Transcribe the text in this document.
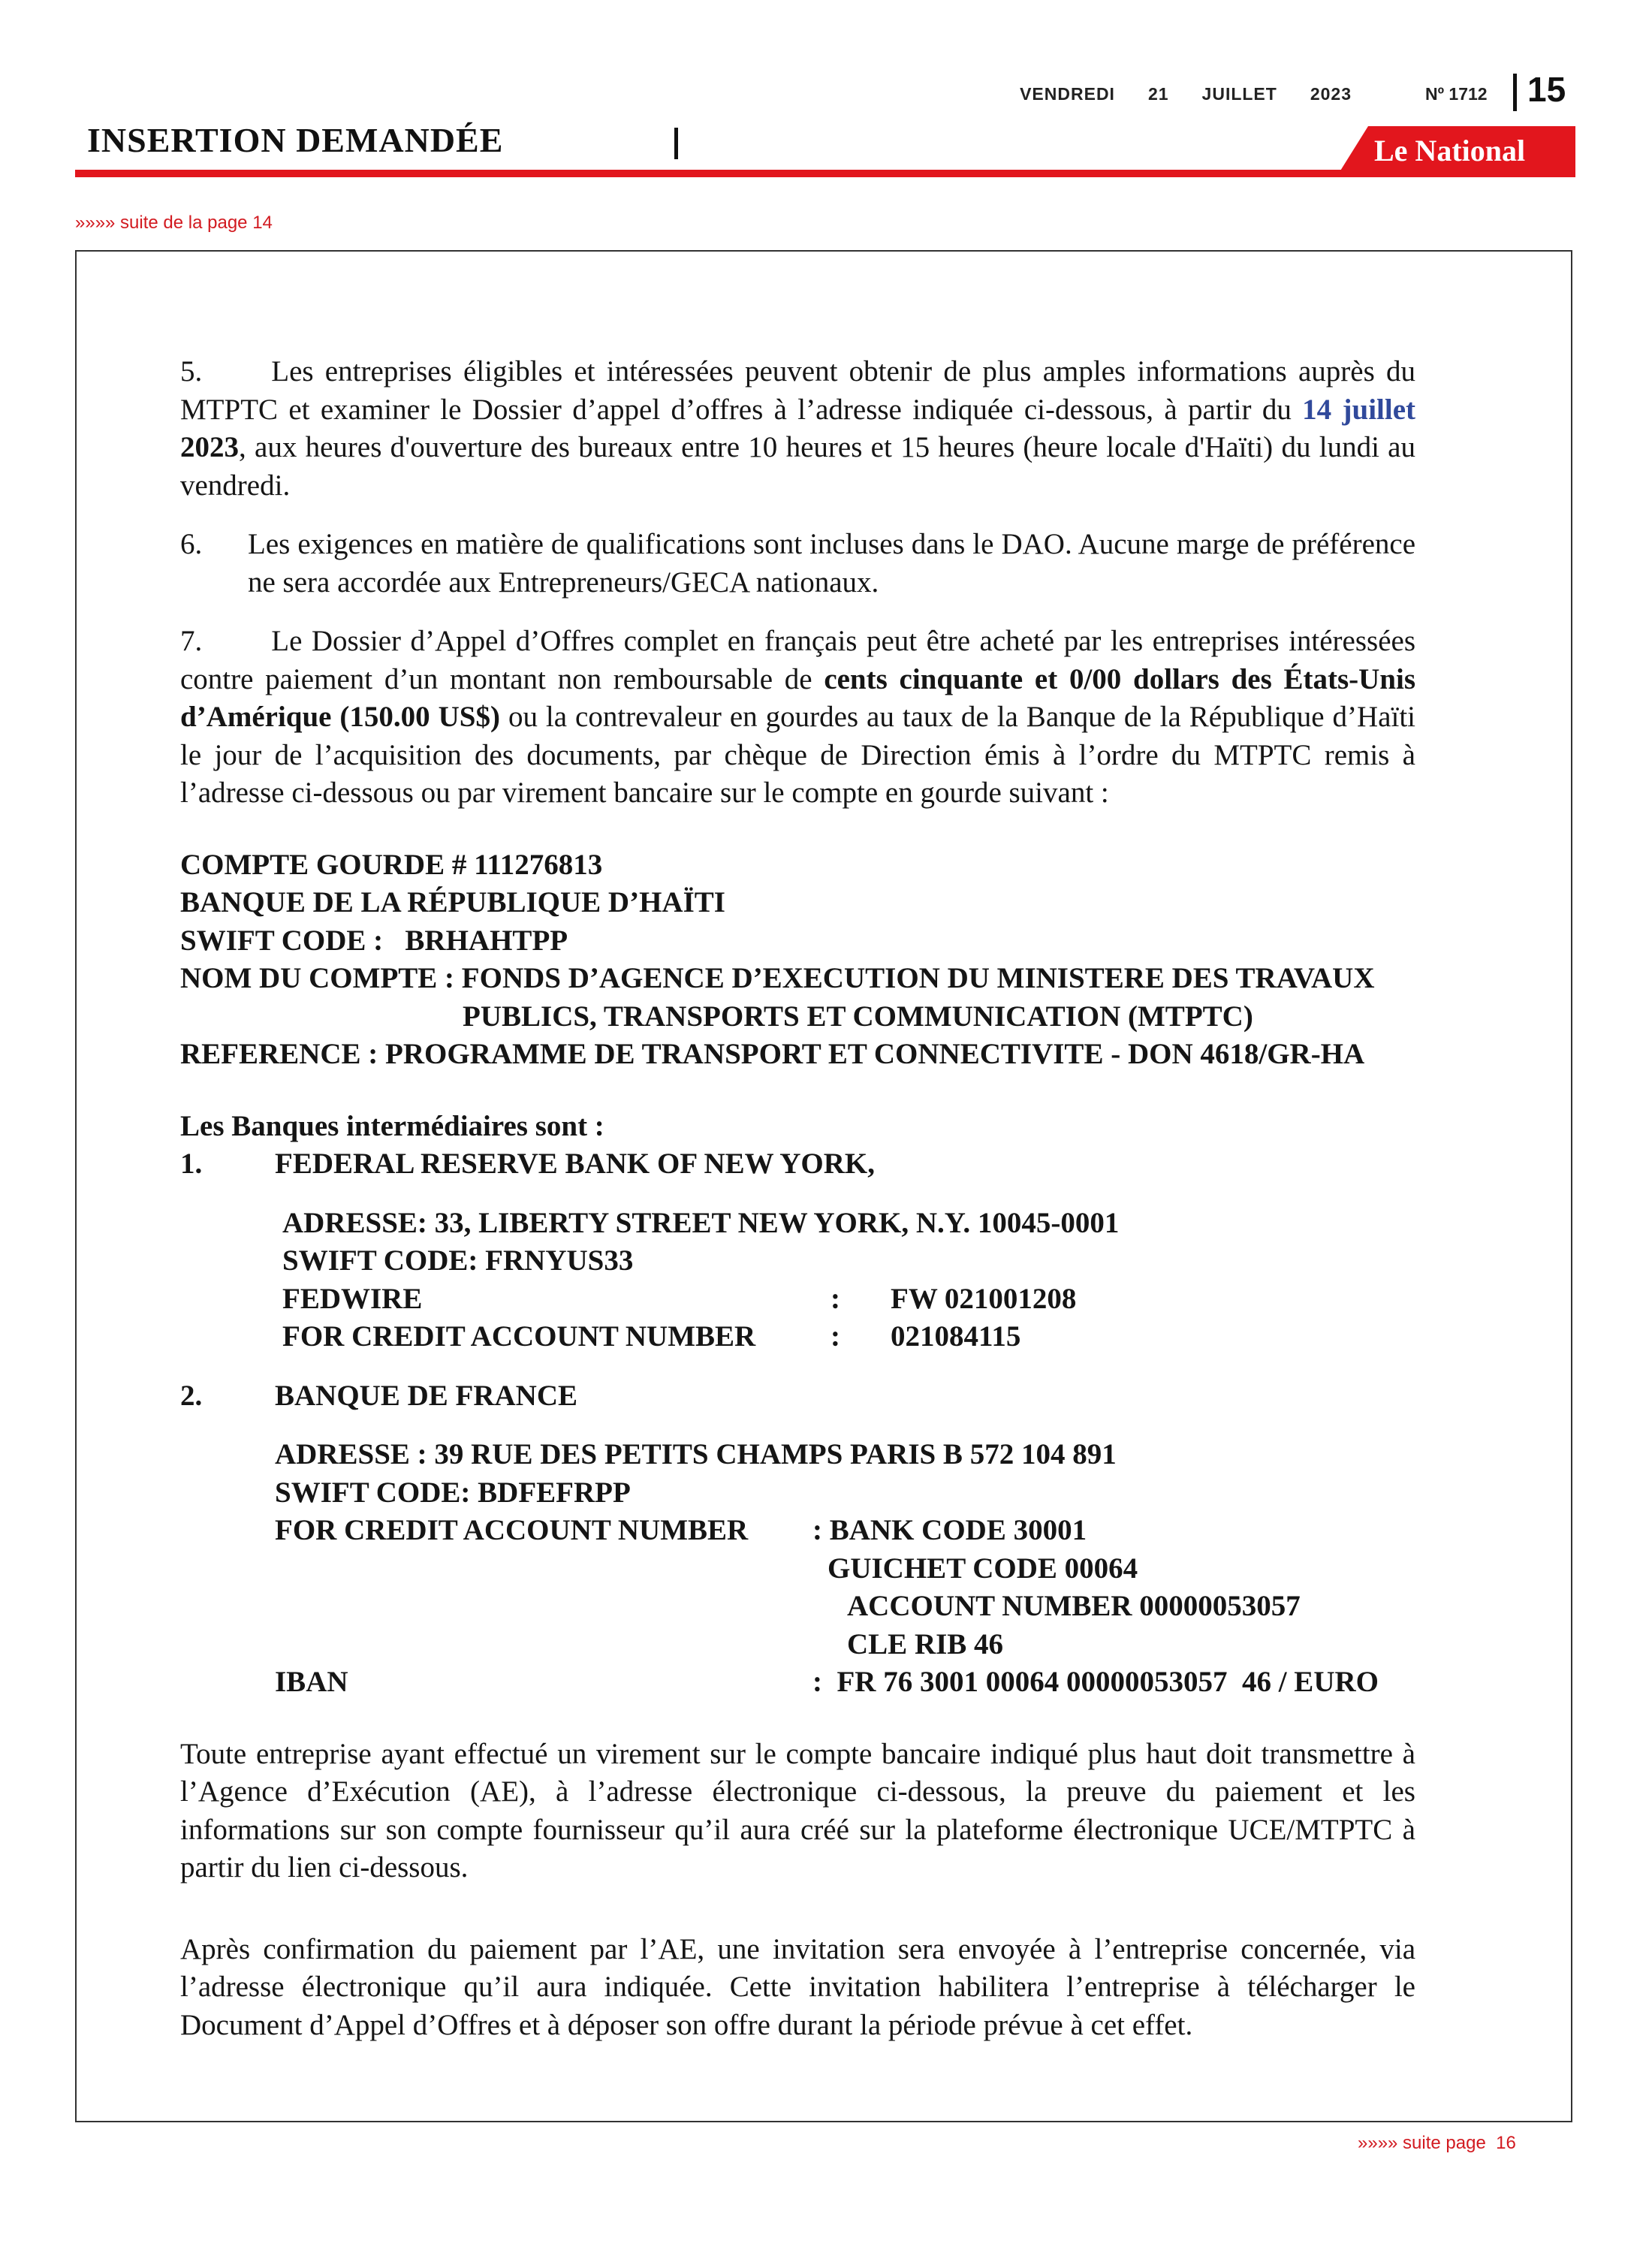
VENDREDI 21 JUILLET 2023	Nº 1712 15
INSERTION DEMANDÉE	Le National
»»»» suite de la page 14

5. Les entreprises éligibles et intéressées peuvent obtenir de plus amples informations auprès du MTPTC et examiner le Dossier d’appel d’offres à l’adresse indiquée ci-dessous, à partir du 14 juillet 2023, aux heures d'ouverture des bureaux entre 10 heures et 15 heures (heure locale d'Haïti) du lundi au vendredi.

6.	Les exigences en matière de qualifications sont incluses dans le DAO. Aucune marge de préférence ne sera accordée aux Entrepreneurs/GECA nationaux.

7. Le Dossier d’Appel d’Offres complet en français peut être acheté par les entreprises intéressées contre paiement d’un montant non remboursable de cents cinquante et 0/00 dollars des États-Unis d’Amérique (150.00 US$) ou la contrevaleur en gourdes au taux de la Banque de la République d’Haïti le jour de l’acquisition des documents, par chèque de Direction émis à l’ordre du MTPTC remis à l’adresse ci-dessous ou par virement bancaire sur le compte en gourde suivant :

COMPTE GOURDE # 111276813
BANQUE DE LA RÉPUBLIQUE D’HAÏTI
SWIFT CODE :   BRHAHTPP
NOM DU COMPTE : FONDS D’AGENCE D’EXECUTION DU MINISTERE DES TRAVAUX
PUBLICS, TRANSPORTS ET COMMUNICATION (MTPTC)
REFERENCE : PROGRAMME DE TRANSPORT ET CONNECTIVITE - DON 4618/GR-HA
Les Banques intermédiaires sont :
1.	FEDERAL RESERVE BANK OF NEW YORK,
ADRESSE: 33, LIBERTY STREET NEW YORK, N.Y. 10045-0001
SWIFT CODE: FRNYUS33
FEDWIRE	:	FW 021001208
FOR CREDIT ACCOUNT NUMBER	:	021084115
2.	BANQUE DE FRANCE
ADRESSE : 39 RUE DES PETITS CHAMPS PARIS B 572 104 891
SWIFT CODE: BDFEFRPP
FOR CREDIT ACCOUNT NUMBER	: BANK CODE 30001
GUICHET CODE 00064
ACCOUNT NUMBER 00000053057
CLE RIB 46
IBAN	:  FR 76 3001 00064 00000053057  46 / EURO

Toute entreprise ayant effectué un virement sur le compte bancaire indiqué plus haut doit transmettre à l’Agence d’Exécution (AE), à l’adresse électronique ci-dessous, la preuve du paiement et les informations sur son compte fournisseur qu’il aura créé sur la plateforme électronique UCE/MTPTC à partir du lien ci-dessous.

Après confirmation du paiement par l’AE, une invitation sera envoyée à l’entreprise concernée, via l’adresse électronique qu’il aura indiquée. Cette invitation habilitera l’entreprise à télécharger le Document d’Appel d’Offres et à déposer son offre durant la période prévue à cet effet.

»»»» suite page  16
